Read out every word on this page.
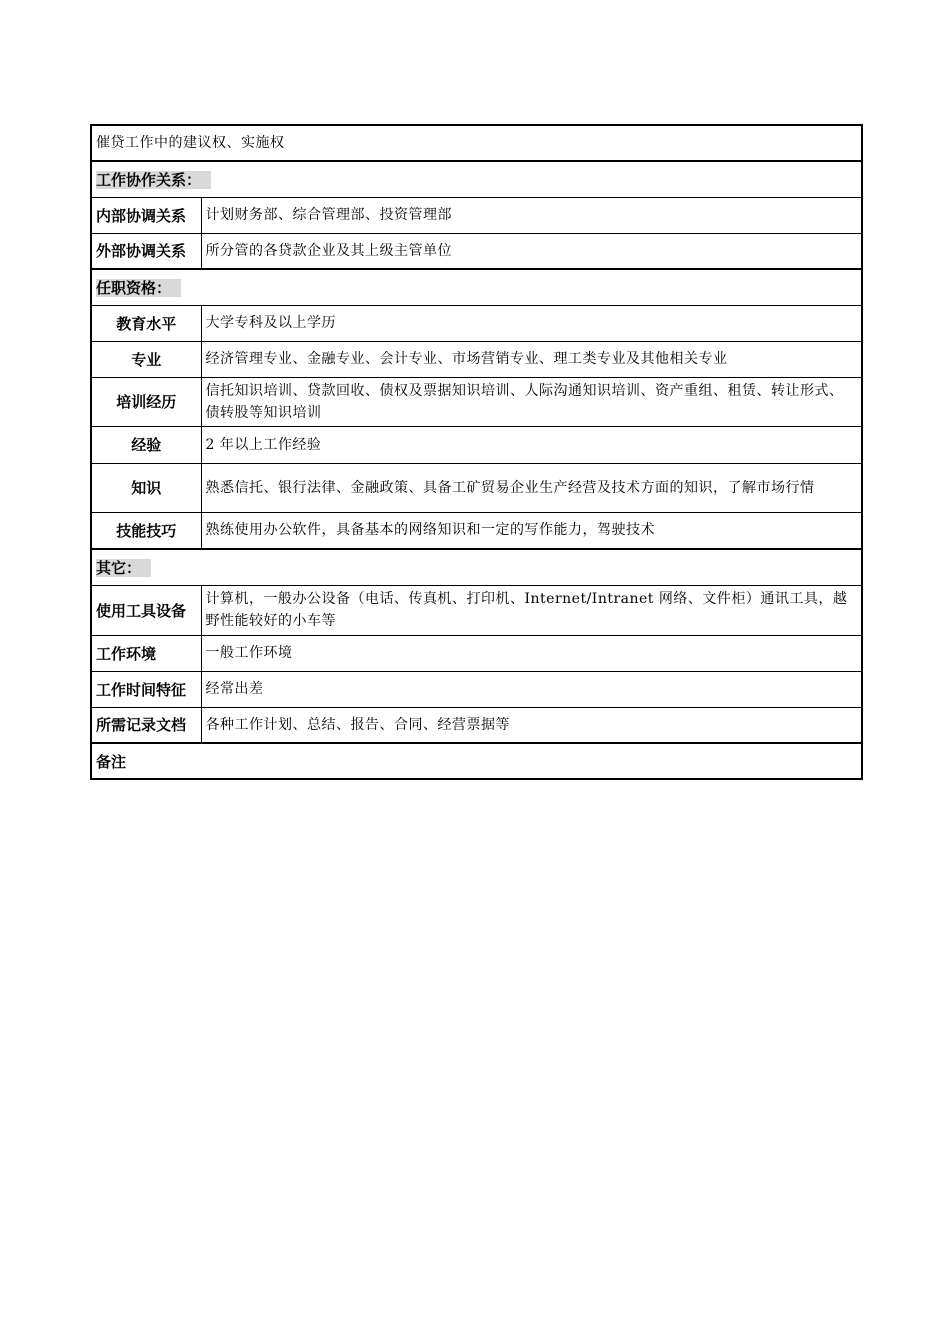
催贷工作中的建议权、实施权	
工作协作关系：	
内部协调关系	计划财务部、综合管理部、投资管理部
外部协调关系	所分管的各贷款企业及其上级主管单位
任职资格：	
教育水平	大学专科及以上学历
专业	经济管理专业、金融专业、会计专业、市场营销专业、理工类专业及其他相关专业
培训经历	信托知识培训、贷款回收、债权及票据知识培训、人际沟通知识培训、资产重组、租赁、转让形式、债转股等知识培训
经验	2 年以上工作经验
知识	熟悉信托、银行法律、金融政策、具备工矿贸易企业生产经营及技术方面的知识，了解市场行情
技能技巧	熟练使用办公软件，具备基本的网络知识和一定的写作能力，驾驶技术
其它：	
使用工具设备	计算机，一般办公设备（电话、传真机、打印机、Internet/Intranet 网络、文件柜）通讯工具，越野性能较好的小车等
工作环境	一般工作环境
工作时间特征	经常出差
所需记录文档	各种工作计划、总结、报告、合同、经营票据等
备注	
